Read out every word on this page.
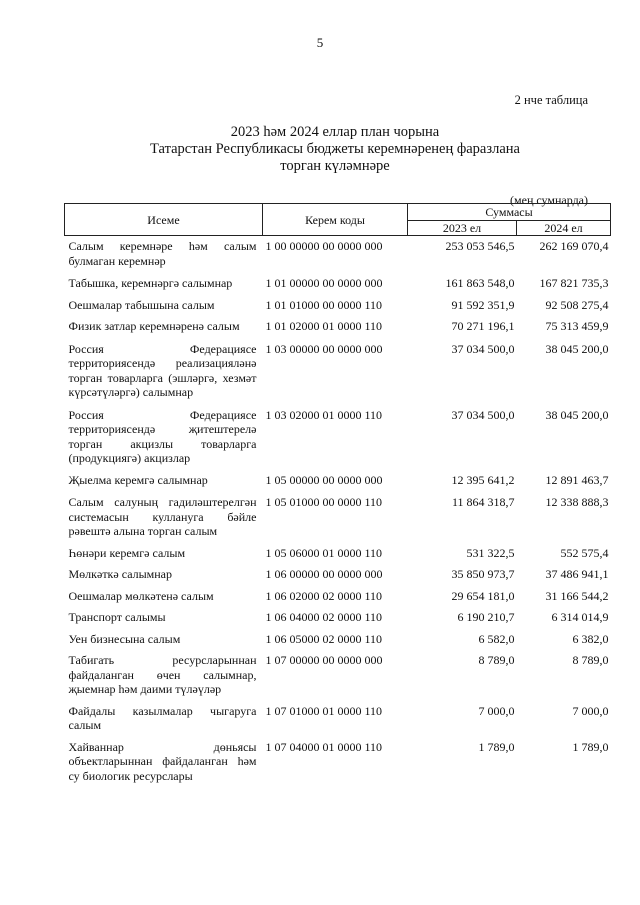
5
2 нче таблица
2023 һәм 2024 еллар план чорына
Татарстан Республикасы бюджеты керемнәренең фаразлана
торган күләмнәре
(мең сумнарда)
Исеме	Керем коды	Суммасы	
		2023 ел	2024 ел
Салым керемнәре һәм салым булмаган керемнәр	1 00 00000 00 0000 000	253 053 546,5	262 169 070,4
Табышка, керемнәргә салымнар	1 01 00000 00 0000 000	161 863 548,0	167 821 735,3
Оешмалар табышына салым	1 01 01000 00 0000 110	91 592 351,9	92 508 275,4
Физик затлар керемнәренә салым	1 01 02000 01 0000 110	70 271 196,1	75 313 459,9
Россия Федерациясе территориясендә реализацияләнә торган товарларга (эшләргә, хезмәт күрсәтүләргә) салымнар	1 03 00000 00 0000 000	37 034 500,0	38 045 200,0
Россия Федерациясе территориясендә җитештерелә торган акцизлы товарларга (продукциягә) акцизлар	1 03 02000 01 0000 110	37 034 500,0	38 045 200,0
Җыелма керемгә салымнар	1 05 00000 00 0000 000	12 395 641,2	12 891 463,7
Салым салуның гадиләштерелгән системасын куллануга бәйле рәвештә алына торган салым	1 05 01000 00 0000 110	11 864 318,7	12 338 888,3
Һөнәри керемгә салым	1 05 06000 01 0000 110	531 322,5	552 575,4
Мөлкәткә салымнар	1 06 00000 00 0000 000	35 850 973,7	37 486 941,1
Оешмалар мөлкәтенә салым	1 06 02000 02 0000 110	29 654 181,0	31 166 544,2
Транспорт салымы	1 06 04000 02 0000 110	6 190 210,7	6 314 014,9
Уен бизнесына салым	1 06 05000 02 0000 110	6 582,0	6 382,0
Табигать ресурсларыннан файдаланган өчен салымнар, җыемнар һәм даими түләүләр	1 07 00000 00 0000 000	8 789,0	8 789,0
Файдалы казылмалар чыгаруга салым	1 07 01000 01 0000 110	7 000,0	7 000,0
Хайваннар дөньясы объектларыннан файдаланган һәм су биологик ресурслары	1 07 04000 01 0000 110	1 789,0	1 789,0
